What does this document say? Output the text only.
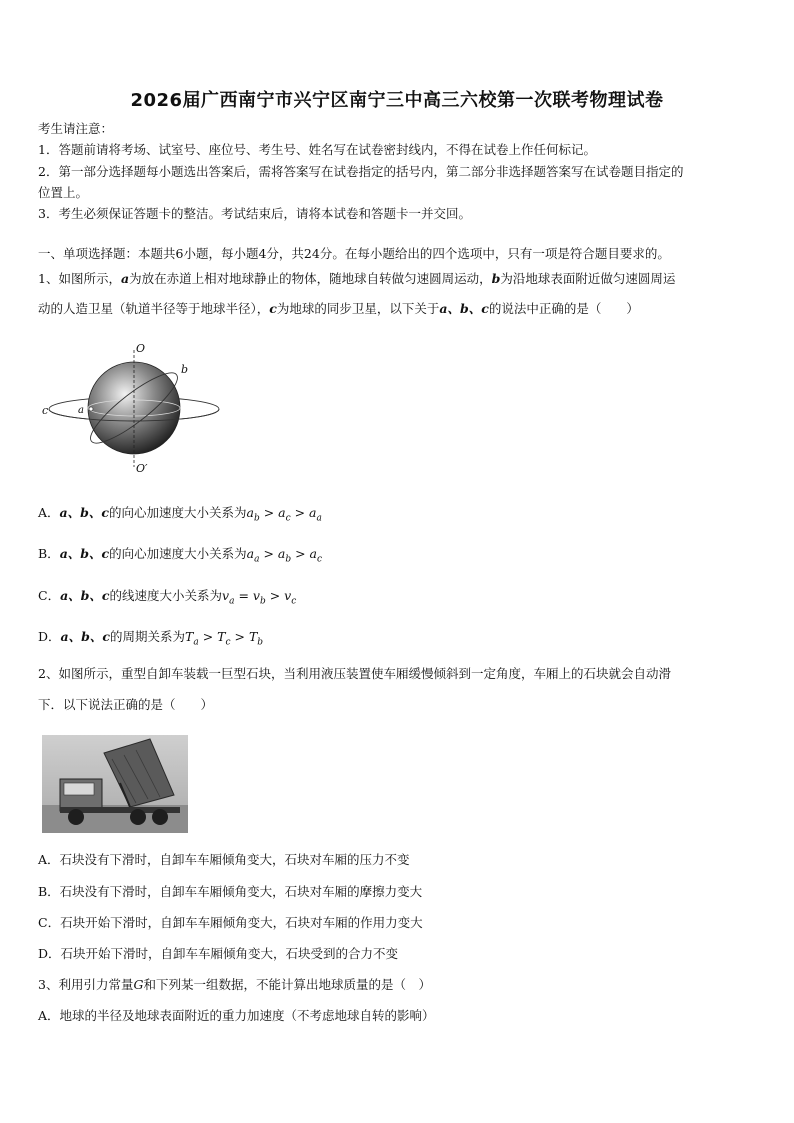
2026届广西南宁市兴宁区南宁三中高三六校第一次联考物理试卷
考生请注意：
1．答题前请将考场、试室号、座位号、考生号、姓名写在试卷密封线内，不得在试卷上作任何标记。
2．第一部分选择题每小题选出答案后，需将答案写在试卷指定的括号内，第二部分非选择题答案写在试卷题目指定的
位置上。
3．考生必须保证答题卡的整洁。考试结束后，请将本试卷和答题卡一并交回。
一、单项选择题：本题共6小题，每小题4分，共24分。在每小题给出的四个选项中，只有一项是符合题目要求的。
1、如图所示，a为放在赤道上相对地球静止的物体，随地球自转做匀速圆周运动，b为沿地球表面附近做匀速圆周运
动的人造卫星（轨道半径等于地球半径），c为地球的同步卫星，以下关于a、b、c的说法中正确的是（　　）
O
O′
b
c	a
A．a、b、c的向心加速度大小关系为$a_b > a_c > a_a$
B．a、b、c的向心加速度大小关系为$a_a > a_b > a_c$
C．a、b、c的线速度大小关系为$v_a = v_b > v_c$
D．a、b、c的周期关系为$T_a > T_c > T_b$
2、如图所示，重型自卸车装载一巨型石块，当利用液压装置使车厢缓慢倾斜到一定角度，车厢上的石块就会自动滑
下．以下说法正确的是（　　）
A．石块没有下滑时，自卸车车厢倾角变大，石块对车厢的压力不变
B．石块没有下滑时，自卸车车厢倾角变大，石块对车厢的摩擦力变大
C．石块开始下滑时，自卸车车厢倾角变大，石块对车厢的作用力变大
D．石块开始下滑时，自卸车车厢倾角变大，石块受到的合力不变
3、利用引力常量G和下列某一组数据，不能计算出地球质量的是（　）
A．地球的半径及地球表面附近的重力加速度（不考虑地球自转的影响）
